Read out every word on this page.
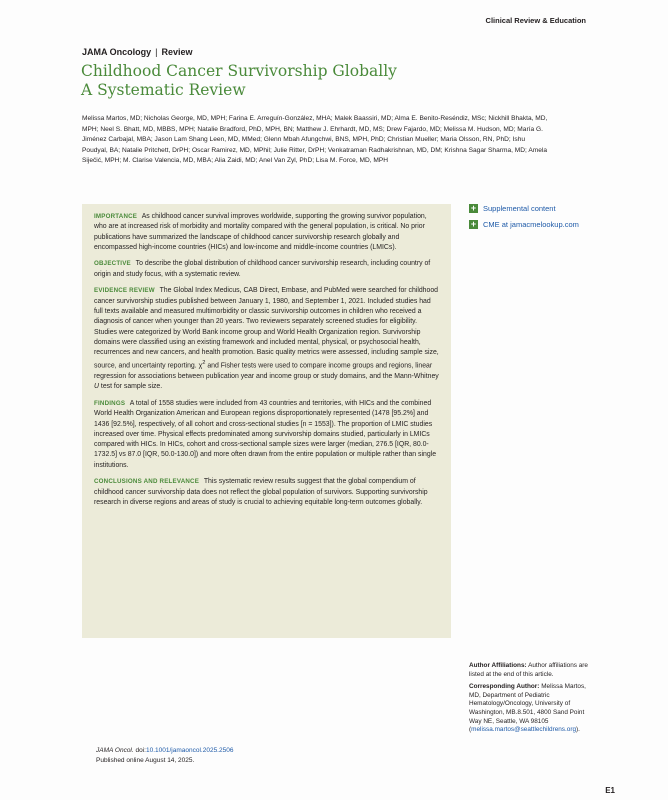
Clinical Review & Education
JAMA Oncology | Review
Childhood Cancer Survivorship Globally
A Systematic Review
Melissa Martos, MD; Nicholas George, MD, MPH; Farina E. Arreguín-González, MHA; Malek Baassiri, MD; Alma E. Benito-Reséndiz, MSc; Nickhill Bhakta, MD, MPH; Neel S. Bhatt, MD, MBBS, MPH; Natalie Bradford, PhD, MPH, BN; Matthew J. Ehrhardt, MD, MS; Drew Fajardo, MD; Melissa M. Hudson, MD; María G. Jiménez Carbajal, MBA; Jason Lam Shang Leen, MD, MMed; Glenn Mbah Afungchwi, BNS, MPH, PhD; Christian Mueller; Maria Olsson, RN, PhD; Ishu Poudyal, BA; Natalie Pritchett, DrPH; Oscar Ramirez, MD, MPhil; Julie Ritter, DrPH; Venkatraman Radhakrishnan, MD, DM; Krishna Sagar Sharma, MD; Amela Siječić, MPH; M. Clarise Valencia, MD, MBA; Alia Zaidi, MD; Anel Van Zyl, PhD; Lisa M. Force, MD, MPH

IMPORTANCE As childhood cancer survival improves worldwide, supporting the growing survivor population, who are at increased risk of morbidity and mortality compared with the general population, is critical. No prior publications have summarized the landscape of childhood cancer survivorship research globally and encompassed high-income countries (HICs) and low-income and middle-income countries (LMICs).

OBJECTIVE To describe the global distribution of childhood cancer survivorship research, including country of origin and study focus, with a systematic review.

EVIDENCE REVIEW The Global Index Medicus, CAB Direct, Embase, and PubMed were searched for childhood cancer survivorship studies published between January 1, 1980, and September 1, 2021. Included studies had full texts available and measured multimorbidity or classic survivorship outcomes in children who received a diagnosis of cancer when younger than 20 years. Two reviewers separately screened studies for eligibility. Studies were categorized by World Bank income group and World Health Organization region. Survivorship domains were classified using an existing framework and included mental, physical, or psychosocial health, recurrences and new cancers, and health promotion. Basic quality metrics were assessed, including sample size, source, and uncertainty reporting. $\chi^2$ and Fisher tests were used to compare income groups and regions, linear regression for associations between publication year and income group or study domains, and the Mann-Whitney U test for sample size.

FINDINGS A total of 1558 studies were included from 43 countries and territories, with HICs and the combined World Health Organization American and European regions disproportionately represented (1478 [95.2%] and 1436 [92.5%], respectively, of all cohort and cross-sectional studies [n = 1553]). The proportion of LMIC studies increased over time. Physical effects predominated among survivorship domains studied, particularly in LMICs compared with HICs. In HICs, cohort and cross-sectional sample sizes were larger (median, 276.5 [IQR, 80.0-1732.5] vs 87.0 [IQR, 50.0-130.0]) and more often drawn from the entire population or multiple rather than single institutions.

CONCLUSIONS AND RELEVANCE This systematic review results suggest that the global compendium of childhood cancer survivorship data does not reflect the global population of survivors. Supporting survivorship research in diverse regions and areas of study is crucial to achieving equitable long-term outcomes globally.

+ Supplemental content
+ CME at
jamacmelookup.com

Author Affiliations: Author affiliations are listed at the end of this article.

Corresponding Author: Melissa Martos, MD, Department of Pediatric Hematology/Oncology, University of Washington, MB.8.501, 4800 Sand Point Way NE, Seattle, WA 98105 (melissa.martos@seattlechildrens.org).

JAMA Oncol. doi:10.1001/jamaoncol.2025.2506
Published online August 14, 2025.
E1
